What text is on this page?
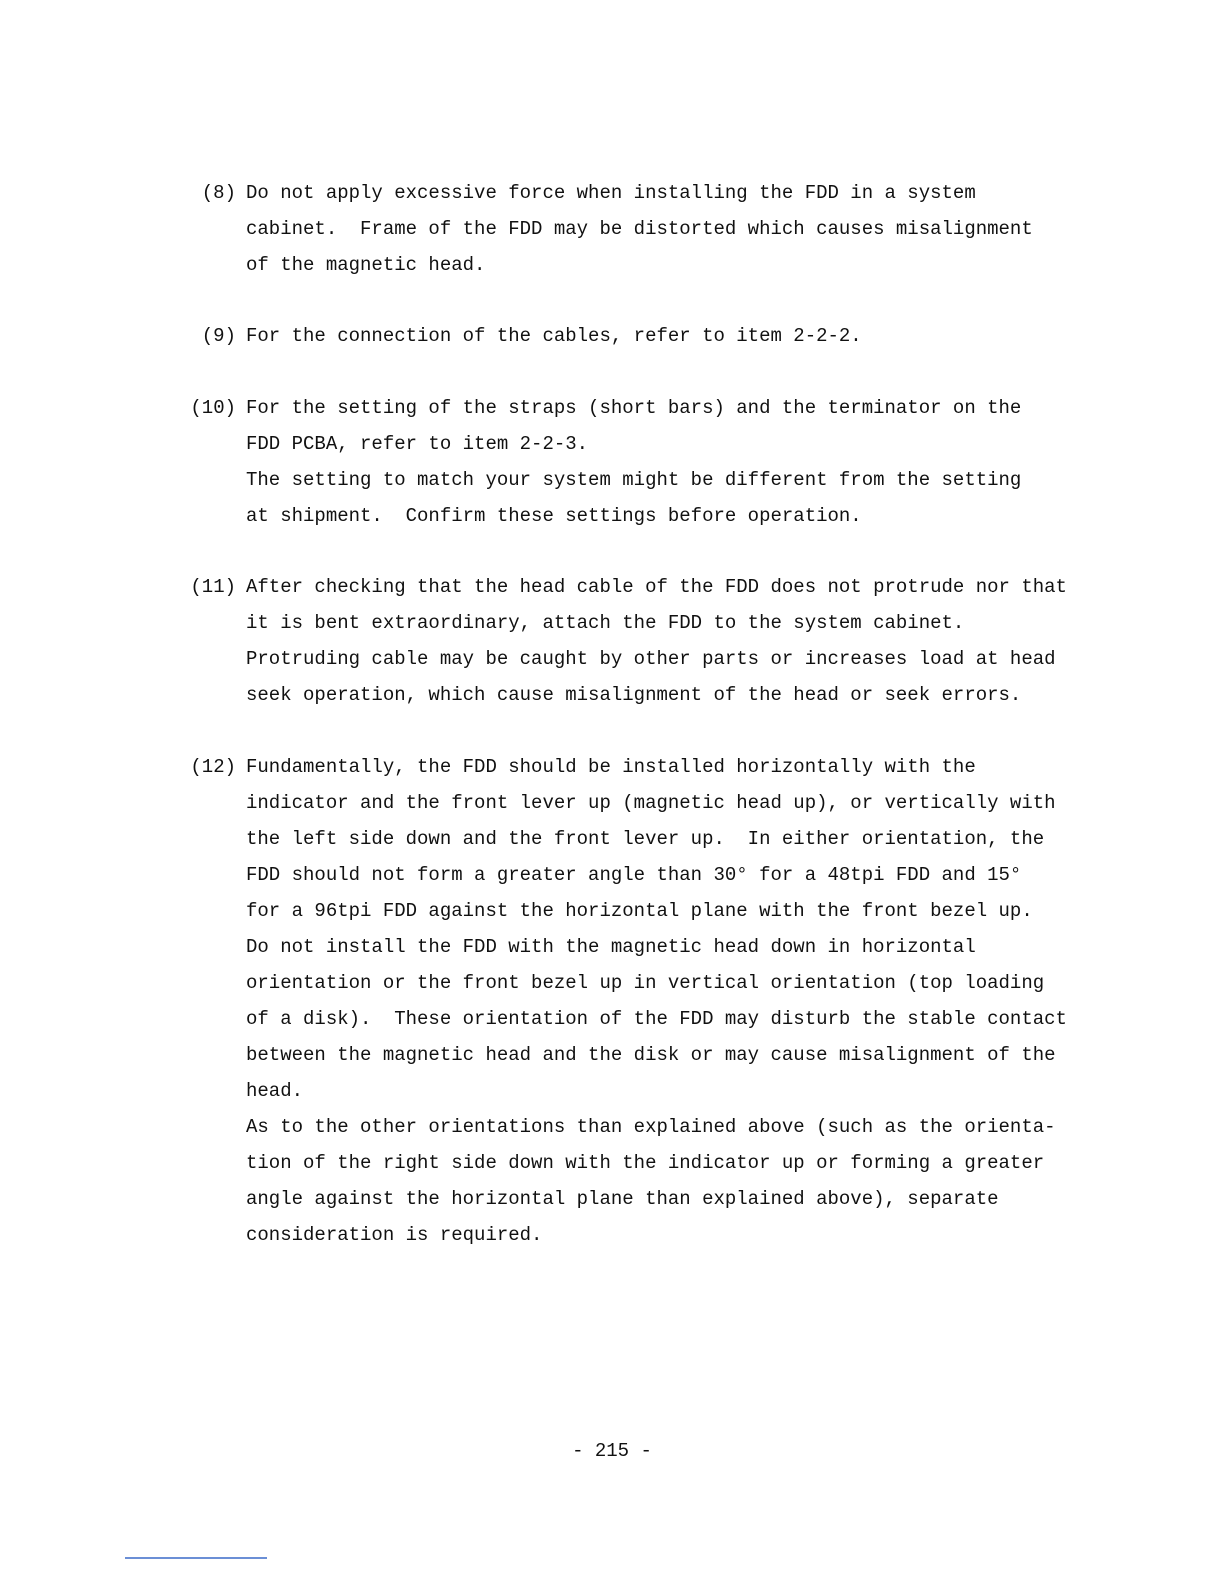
(8) Do not apply excessive force when installing the FDD in a system
cabinet.  Frame of the FDD may be distorted which causes misalignment
of the magnetic head.
(9) For the connection of the cables, refer to item 2-2-2.
(10) For the setting of the straps (short bars) and the terminator on the
FDD PCBA, refer to item 2-2-3.
The setting to match your system might be different from the setting
at shipment.  Confirm these settings before operation.
(11) After checking that the head cable of the FDD does not protrude nor that
it is bent extraordinary, attach the FDD to the system cabinet.
Protruding cable may be caught by other parts or increases load at head
seek operation, which cause misalignment of the head or seek errors.
(12) Fundamentally, the FDD should be installed horizontally with the
indicator and the front lever up (magnetic head up), or vertically with
the left side down and the front lever up.  In either orientation, the
FDD should not form a greater angle than 30° for a 48tpi FDD and 15°
for a 96tpi FDD against the horizontal plane with the front bezel up.
Do not install the FDD with the magnetic head down in horizontal
orientation or the front bezel up in vertical orientation (top loading
of a disk).  These orientation of the FDD may disturb the stable contact
between the magnetic head and the disk or may cause misalignment of the
head.
As to the other orientations than explained above (such as the orienta-
tion of the right side down with the indicator up or forming a greater
angle against the horizontal plane than explained above), separate
consideration is required.
- 215 -
